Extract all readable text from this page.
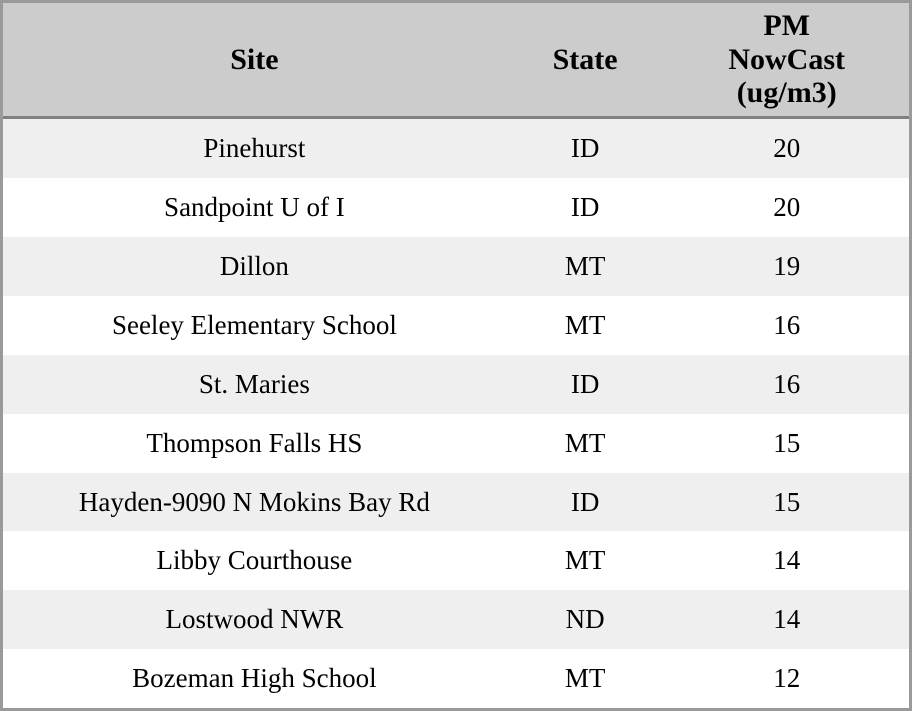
Site	State	PM
NowCast
(ug/m3)

Pinehurst	ID	20
Sandpoint U of I	ID	20
Dillon	MT	19
Seeley Elementary School	MT	16
St. Maries	ID	16
Thompson Falls HS	MT	15
Hayden-9090 N Mokins Bay Rd	ID	15
Libby Courthouse	MT	14
Lostwood NWR	ND	14
Bozeman High School	MT	12
